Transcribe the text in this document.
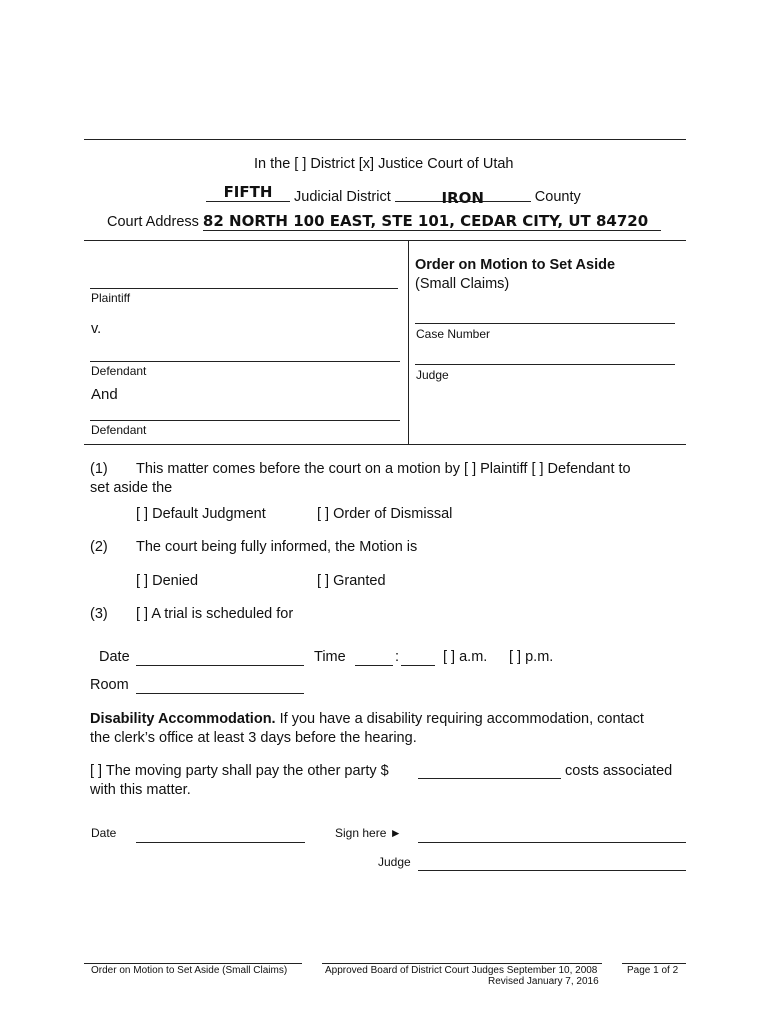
In the [ ] District [x] Justice Court of Utah
FIFTH Judicial District	IRON	County
Court Address 82 NORTH 100 EAST, STE 101, CEDAR CITY, UT 84720
Plaintiff
v.
Defendant
And
Defendant
Order on Motion to Set Aside
(Small Claims)
Case Number
Judge
(1) This matter comes before the court on a motion by [ ] Plaintiff [ ] Defendant to
set aside the
[ ] Default Judgment	[ ] Order of Dismissal
(2) The court being fully informed, the Motion is
[ ] Denied	[ ] Granted
(3) [ ] A trial is scheduled for
Date	Time	:	[ ] a.m. [ ] p.m.
Room
Disability Accommodation. If you have a disability requiring accommodation, contact
the clerk’s office at least 3 days before the hearing.
[ ] The moving party shall pay the other party $	costs associated
with this matter.
Date	Sign here ►
Judge
Order on Motion to Set Aside (Small Claims)	Approved Board of District Court Judges September 10, 2008
Revised January 7, 2016
Page 1 of 2
